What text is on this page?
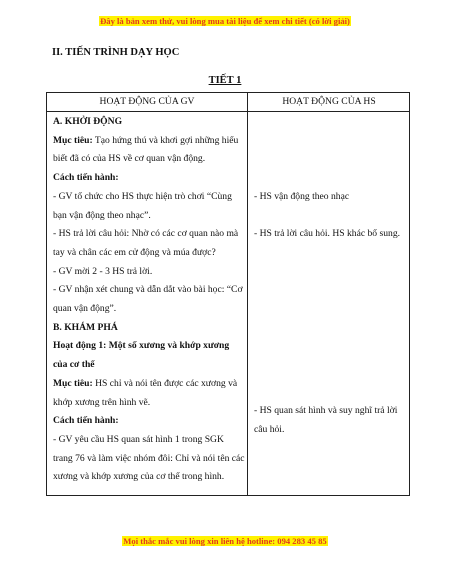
Đây là bản xem thử, vui lòng mua tài liệu để xem chi tiết (có lời giải)
II. TIẾN TRÌNH DẠY HỌC
TIẾT 1
HOẠT ĐỘNG CỦA GV	HOẠT ĐỘNG CỦA HS

A. KHỞI ĐỘNG

Mục tiêu: Tạo hứng thú và khơi gợi những hiểu biết đã có của HS về cơ quan vận động.

Cách tiến hành:

- GV tổ chức cho HS thực hiện trò chơi “Cùng bạn vận động theo nhạc”.

- HS trả lời câu hỏi: Nhờ có các cơ quan nào mà tay và chân các em cử động và múa được?

- GV mời 2 - 3 HS trả lời.

- GV nhận xét chung và dẫn dắt vào bài học: “Cơ quan vận động”.

B. KHÁM PHÁ

Hoạt động 1: Một số xương và khớp xương của cơ thể

Mục tiêu: HS chỉ và nói tên được các xương và khớp xương trên hình vẽ.

Cách tiến hành:

- GV yêu cầu HS quan sát hình 1 trong SGK trang 76 và làm việc nhóm đôi: Chỉ và nói tên các xương và khớp xương của cơ thể trong hình.

- HS vận động theo nhạc

- HS trả lời câu hỏi. HS khác bổ sung.

- HS quan sát hình và suy nghĩ trả lời câu hỏi.

Mọi thắc mắc vui lòng xin liên hệ hotline: 094 283 45 85
